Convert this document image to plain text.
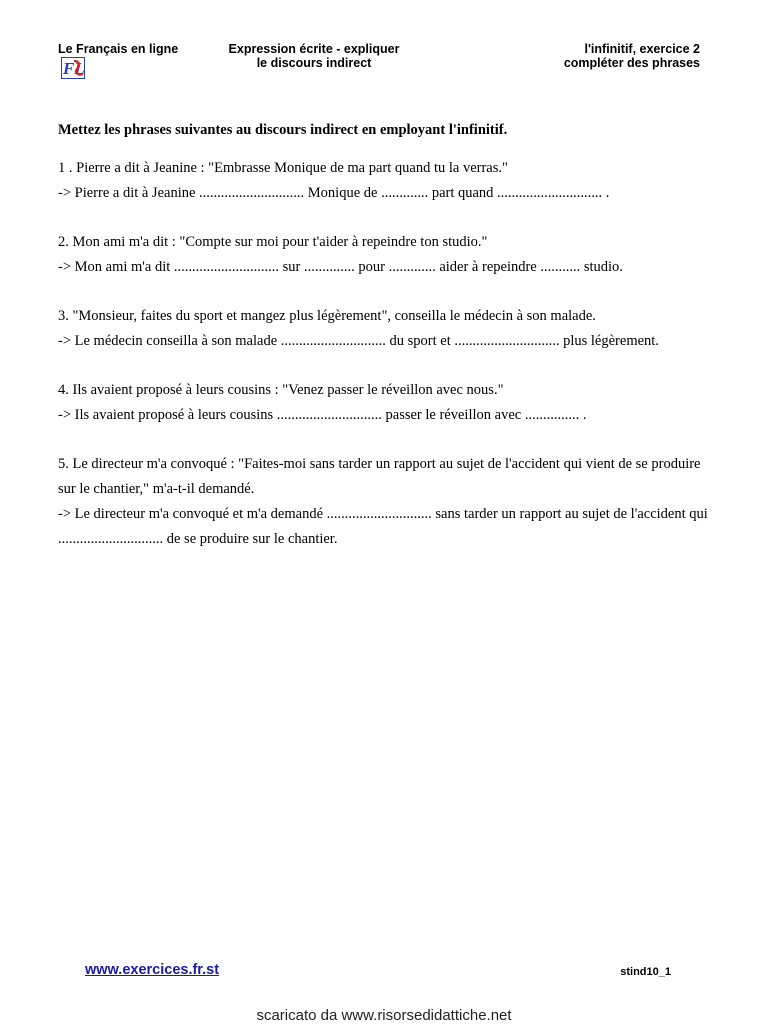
Le Français en ligne	Expression écrite - expliquer
le discours indirect
l'infinitif, exercice 2
compléter des phrases
FL

Mettez les phrases suivantes au discours indirect en employant l'infinitif.

1 . Pierre a dit à Jeanine : "Embrasse Monique de ma part quand tu la verras."

-> Pierre a dit à Jeanine ............................. Monique de ............. part quand ............................. .

2. Mon ami m'a dit : "Compte sur moi pour t'aider à repeindre ton studio."

-> Mon ami m'a dit ............................. sur .............. pour ............. aider à repeindre ........... studio.

3. "Monsieur, faites du sport et mangez plus légèrement", conseilla le médecin à son malade.

-> Le médecin conseilla à son malade ............................. du sport et ............................. plus légèrement.

4. Ils avaient proposé à leurs cousins : "Venez passer le réveillon avec nous."

-> Ils avaient proposé à leurs cousins ............................. passer le réveillon avec ............... .

5. Le directeur m'a convoqué : "Faites-moi sans tarder un rapport au sujet de l'accident qui vient de se produire sur le chantier," m'a-t-il demandé.

-> Le directeur m'a convoqué et m'a demandé ............................. sans tarder un rapport au sujet de l'accident qui ............................. de se produire sur le chantier.

www.exercices.fr.st	stind10_1
scaricato da www.risorsedidattiche.net
